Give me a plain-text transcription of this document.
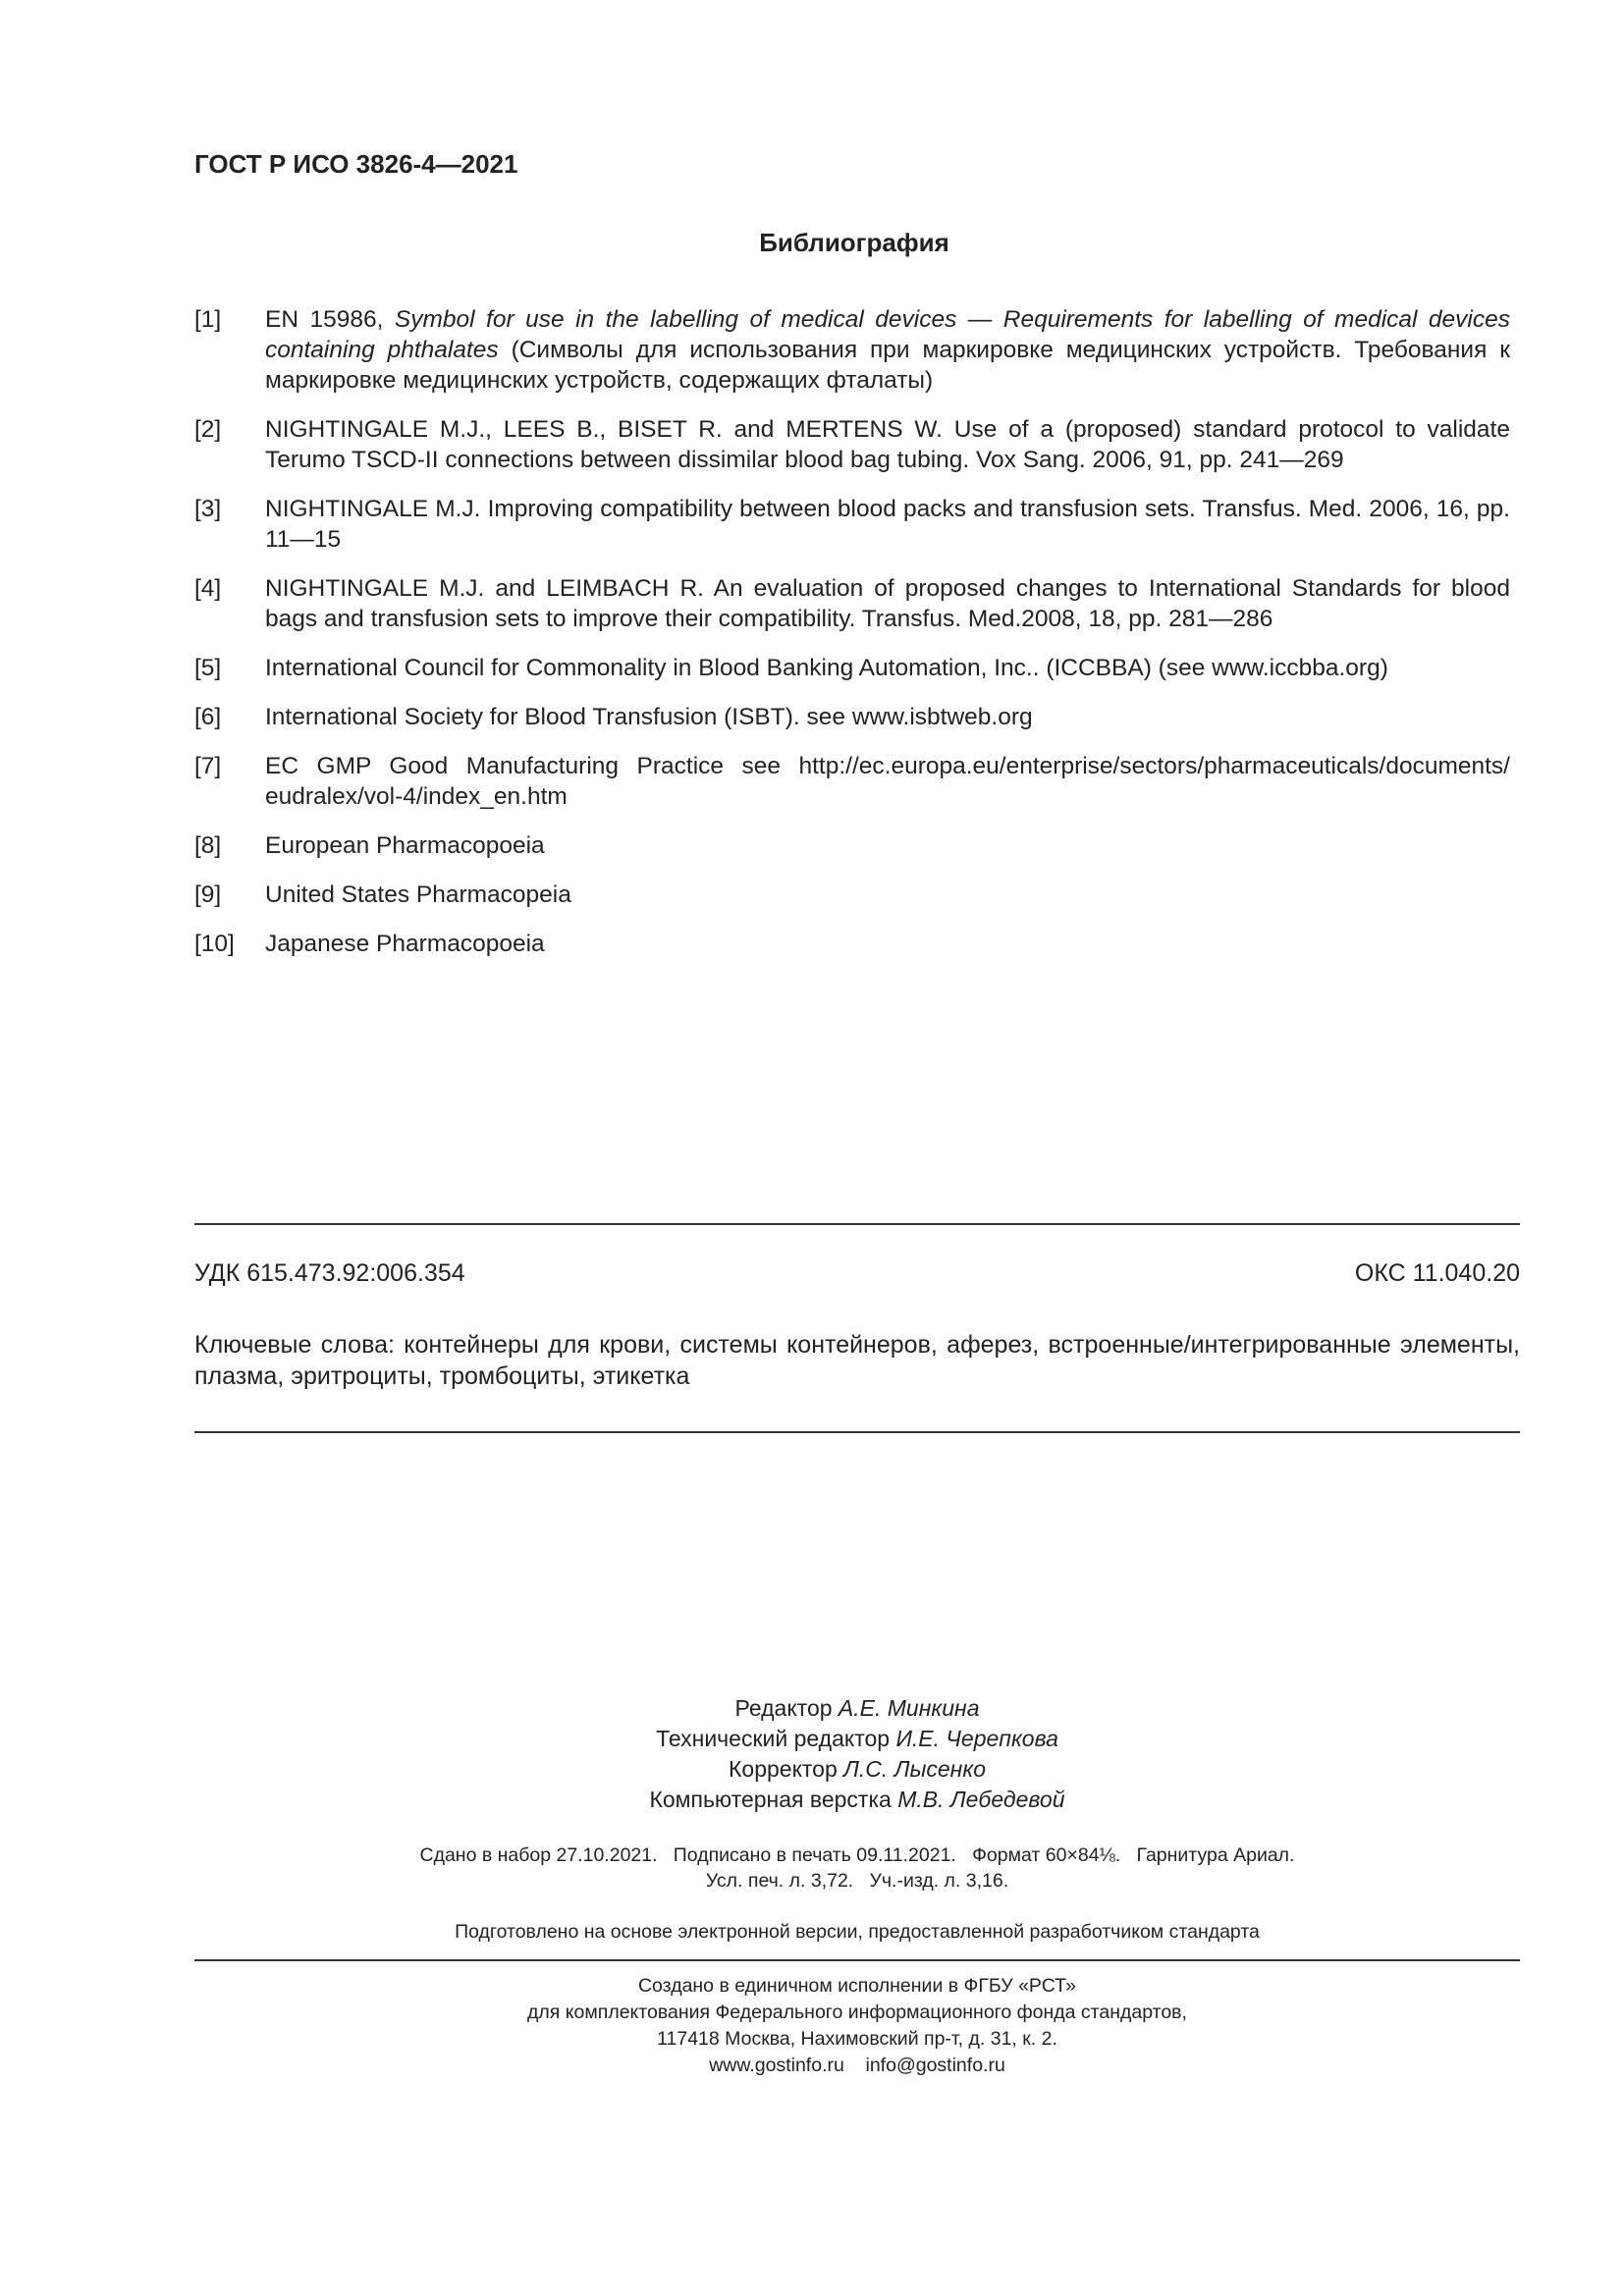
ГОСТ Р ИСО 3826-4—2021
Библиография
[1]	EN 15986, Symbol for use in the labelling of medical devices — Requirements for labelling of medical devices containing phthalates (Символы для использования при маркировке медицинских устройств. Требования к маркировке медицинских устройств, содержащих фталаты)
[2]	NIGHTINGALE M.J., LEES B., BISET R. and MERTENS W. Use of a (proposed) standard protocol to validate Terumo TSCD-II connections between dissimilar blood bag tubing. Vox Sang. 2006, 91, pp. 241—269
[3]	NIGHTINGALE M.J. Improving compatibility between blood packs and transfusion sets. Transfus. Med. 2006, 16, pp. 11—15
[4]	NIGHTINGALE M.J. and LEIMBACH R. An evaluation of proposed changes to International Standards for blood bags and transfusion sets to improve their compatibility. Transfus. Med.2008, 18, pp. 281—286
[5]	International Council for Commonality in Blood Banking Automation, Inc.. (ICCBBA) (see www.iccbba.org)
[6]	International Society for Blood Transfusion (ISBT). see www.isbtweb.org
[7]	EC GMP Good Manufacturing Practice see http://ec.europa.eu/enterprise/sectors/pharmaceuticals/documents/ eudralex/vol-4/index_en.htm
[8]	European Pharmacopoeia
[9]	United States Pharmacopeia
[10]	Japanese Pharmacopoeia
УДК 615.473.92:006.354	ОКС 11.040.20
Ключевые слова: контейнеры для крови, системы контейнеров, аферез, встроенные/интегрированные элементы, плазма, эритроциты, тромбоциты, этикетка
Редактор А.Е. Минкина
Технический редактор И.Е. Черепкова
Корректор Л.С. Лысенко
Компьютерная верстка М.В. Лебедевой
Сдано в набор 27.10.2021.   Подписано в печать 09.11.2021.   Формат 60×84⅛.   Гарнитура Ариал.
Усл. печ. л. 3,72.   Уч.-изд. л. 3,16.
Подготовлено на основе электронной версии, предоставленной разработчиком стандарта
Создано в единичном исполнении в ФГБУ «РСТ»
для комплектования Федерального информационного фонда стандартов,
117418 Москва, Нахимовский пр-т, д. 31, к. 2.
www.gostinfo.ru    info@gostinfo.ru
